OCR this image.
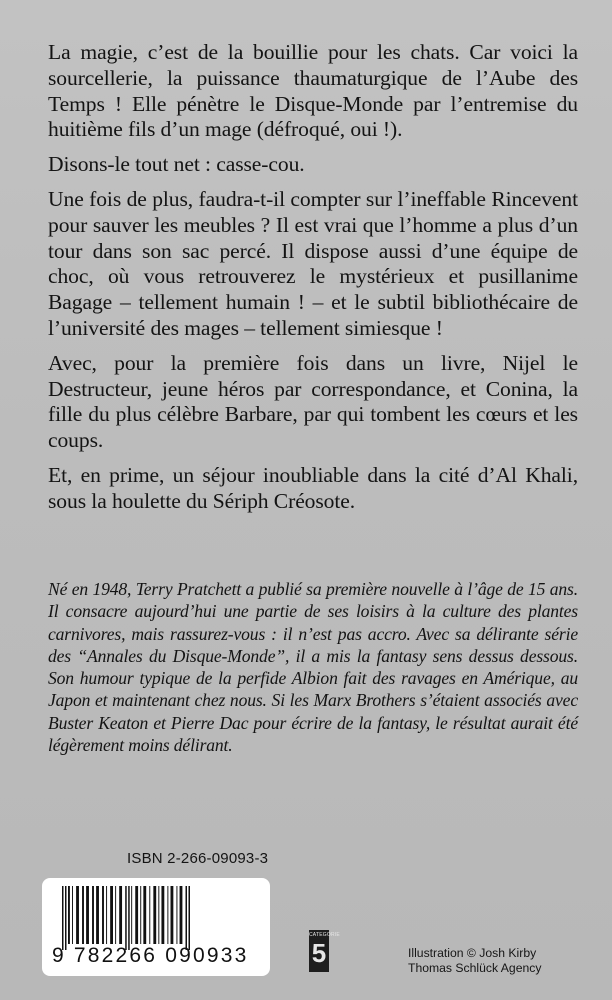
La magie, c’est de la bouillie pour les chats. Car voici la sourcellerie, la puissance thaumaturgique de l’Aube des Temps ! Elle pénètre le Disque-Monde par l’entremise du huitième fils d’un mage (défroqué, oui !).

Disons-le tout net : casse-cou.

Une fois de plus, faudra-t-il compter sur l’ineffable Rincevent pour sauver les meubles ? Il est vrai que l’homme a plus d’un tour dans son sac percé. Il dispose aussi d’une équipe de choc, où vous retrouverez le mystérieux et pusillanime Bagage – tellement humain ! – et le subtil bibliothécaire de l’université des mages – tellement simiesque !

Avec, pour la première fois dans un livre, Nijel le Destructeur, jeune héros par correspondance, et Conina, la fille du plus célèbre Barbare, par qui tombent les cœurs et les coups.

Et, en prime, un séjour inoubliable dans la cité d’Al Khali, sous la houlette du Sériph Créosote.

Né en 1948, Terry Pratchett a publié sa première nouvelle à l’âge de 15 ans. Il consacre aujourd’hui une partie de ses loisirs à la culture des plantes carnivores, mais rassurez-vous : il n’est pas accro. Avec sa délirante série des “Annales du Disque-Monde”, il a mis la fantasy sens dessus dessous. Son humour typique de la perfide Albion fait des ravages en Amérique, au Japon et maintenant chez nous. Si les Marx Brothers s’étaient associés avec Buster Keaton et Pierre Dac pour écrire de la fantasy, le résultat aurait été légèrement moins délirant.
ISBN 2-266-09093-3
9 782266 090933
CATEGORIE
5	Illustration © Josh Kirby
Thomas Schlück Agency
